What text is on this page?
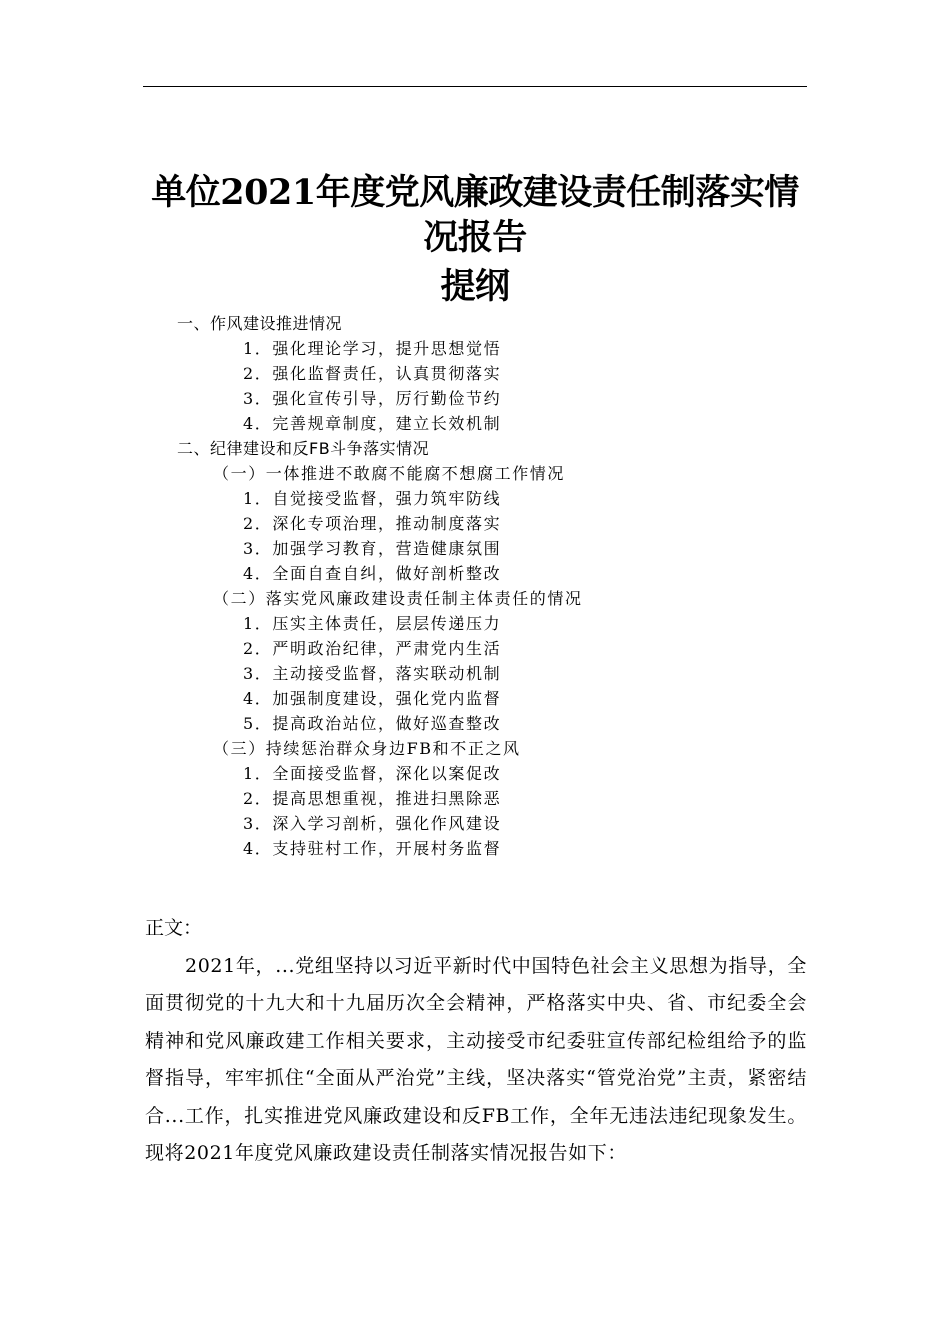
单位2021年度党风廉政建设责任制落实情
况报告
提纲
一、作风建设推进情况
1．强化理论学习，提升思想觉悟
2．强化监督责任，认真贯彻落实
3．强化宣传引导，厉行勤俭节约
4．完善规章制度，建立长效机制
二、纪律建设和反FB斗争落实情况
（一）一体推进不敢腐不能腐不想腐工作情况
1．自觉接受监督，强力筑牢防线
2．深化专项治理，推动制度落实
3．加强学习教育，营造健康氛围
4．全面自查自纠，做好剖析整改
（二）落实党风廉政建设责任制主体责任的情况
1．压实主体责任，层层传递压力
2．严明政治纪律，严肃党内生活
3．主动接受监督，落实联动机制
4．加强制度建设，强化党内监督
5．提高政治站位，做好巡查整改
（三）持续惩治群众身边FB和不正之风
1．全面接受监督，深化以案促改
2．提高思想重视，推进扫黑除恶
3．深入学习剖析，强化作风建设
4．支持驻村工作，开展村务监督
正文：

2021年，...党组坚持以习近平新时代中国特色社会主义思想为指导，全面贯彻党的十九大和十九届历次全会精神，严格落实中央、省、市纪委全会精神和党风廉政建工作相关要求，主动接受市纪委驻宣传部纪检组给予的监督指导，牢牢抓住“全面从严治党”主线，坚决落实“管党治党”主责，紧密结合...工作，扎实推进党风廉政建设和反FB工作，全年无违法违纪现象发生。现将2021年度党风廉政建设责任制落实情况报告如下：
